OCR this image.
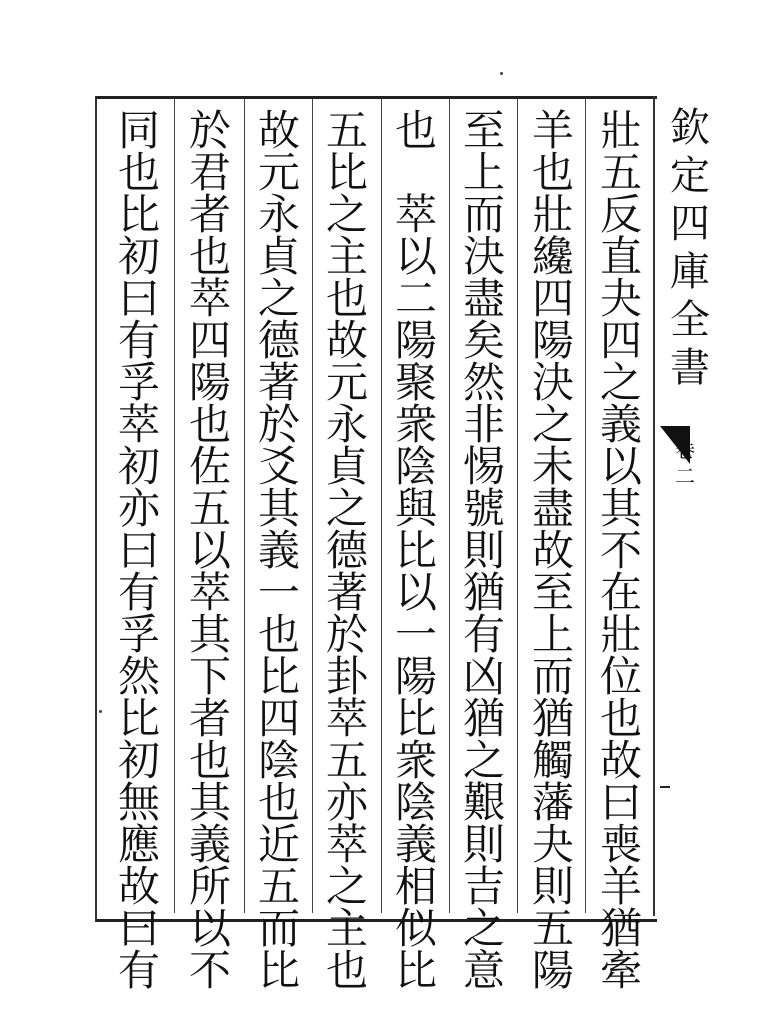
壯
五
反
直
夬
四
之
義
以
其
不
在
壯
位
也
故
曰
喪
羊
猶
牽
羊
也
壯
纔
四
陽
決
之
未
盡
故
至
上
而
猶
觸
藩
夬
則
五
陽
至
上
而
決
盡
矣
然
非
惕
號
則
猶
有
凶
猶
之
艱
則
吉
之
意
也

萃
以
二
陽
聚
衆
陰
與
比
以
一
陽
比
衆
陰
義
相
似
比
五
比
之
主
也
故
元
永
貞
之
德
著
於
卦
萃
五
亦
萃
之
主
也
故
元
永
貞
之
德
著
於
爻
其
義
一
也
比
四
陰
也
近
五
而
比
於
君
者
也
萃
四
陽
也
佐
五
以
萃
其
下
者
也
其
義
所
以
不
同
也
比
初
曰
有
孚
萃
初
亦
曰
有
孚
然
比
初
無
應
故
曰
有
欽
定
四
庫
全
書
卷
二
